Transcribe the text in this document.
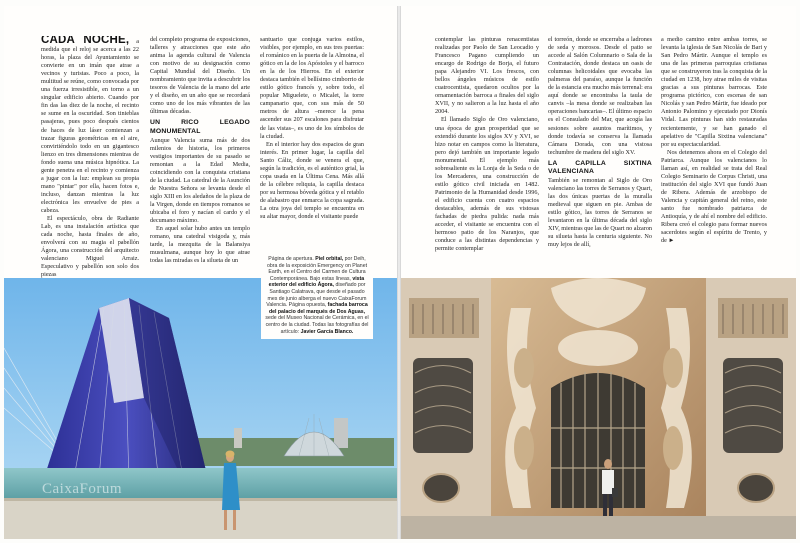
CADA NOCHE, a medida que el reloj se acerca a las 22 horas, la plaza del Ayuntamiento se convierte en un imán que atrae a vecinos y turistas. Poco a poco, la multitud se reúne, como convocada por una fuerza irresistible, en torno a un singular edificio abierto. Cuando por fin das las diez de la noche, el recinto se sume en la oscuridad. Son tinieblas pasajeras, pues poco después cientos de haces de luz láser comienzan a trazar figuras geométricas en el aire, convirtiéndolo todo en un gigantesco lienzo en tres dimensiones mientras de fondo suena una música hipnótica. La gente penetra en el recinto y comienza a jugar con la luz: emplean su propia mano "pintar" por ella, hacen fotos e, incluso, danzan mientras la luz electrónica les envuelve de pies a cabeza.

El espectáculo, obra de Radiante Lab, es una instalación artística que cada noche, hasta finales de año, envolverá con su magia el pabellón Ágora, una construcción del arquitecto valenciano Miguel Arraiz. Especulativo y pabellón son solo dos piezas

del completo programa de exposiciones, talleres y atracciones que este año anima la agenda cultural de Valencia con motivo de su designación como Capital Mundial del Diseño. Un nombramiento que invita a descubrir los tesoros de Valencia de la mano del arte y el diseño, en un año que se recordará como uno de los más vibrantes de las últimas décadas.

UN RICO LEGADO MONUMENTAL

Aunque Valencia suma más de dos milenios de historia, los primeros vestigios importantes de su pasado se remontan a la Edad Media, coincidiendo con la conquista cristiana de la ciudad. La catedral de la Asunción de Nuestra Señora se levanta desde el siglo XIII en los aledaños de la plaza de la Virgen, donde en tiempos romanos se ubicaba el foro y nacían el cardo y el decumano máximo.

En aquel solar hubo antes un templo romano, una catedral visigoda y, más tarde, la mezquita de la Balansiya musulmana, aunque hoy lo que atrae todas las miradas es la silueta de un

santuario que conjuga varios estilos, visibles, por ejemplo, en sus tres puertas: el románico en la puerta de la Almoina, el gótico en la de los Apóstoles y el barroco en la de los Hierros. En el exterior destaca también el bellísimo cimborrio de estilo gótico francés y, sobre todo, el popular Miguelete, o Micalet, la torre campanario que, con sus más de 50 metros de altura –merece la pena ascender sus 207 escalones para disfrutar de las vistas–, es uno de los símbolos de la ciudad.

En el interior hay dos espacios de gran interés. En primer lugar, la capilla del Santo Cáliz, donde se venera el que, según la tradición, es el auténtico grial, la copa usada en la Última Cena. Más allá de la célebre reliquia, la capilla destaca por su hermosa bóveda gótica y el retablo de alabastro que enmarca la copa sagrada. La otra joya del templo se encuentra en su altar mayor, donde el visitante puede

CaixaForum
Página de apertura. Piel orbital, por Deih, obra de la exposición Emergency on Planet Earth, en el Centro del Carmen de Cultura Contemporánea. Bajo estas líneas, vista exterior del edificio Ágora, diseñado por Santiago Calatrava, que desde el pasado mes de junio alberga el nuevo CaixaForum Valencia. Página opuesta, fachada barroca del palacio del marqués de Dos Aguas, sede del Museo Nacional de Cerámica, en el centro de la ciudad. Todas las fotografías del artículo: Javier García Blanco.

contemplar las pinturas renacentistas realizadas por Paolo de San Leocadio y Francesco Pagano cumpliendo un encargo de Rodrigo de Borja, el futuro papa Alejandro VI. Los frescos, con bellos ángeles músicos de estilo cuatrocentista, quedaron ocultos por la ornamentación barroca a finales del siglo XVII, y no salieron a la luz hasta el año 2004.

El llamado Siglo de Oro valenciano, una época de gran prosperidad que se extendió durante los siglos XV y XVI, se hizo notar en campos como la literatura, pero dejó también un importante legado monumental. El ejemplo más sobresaliente es la Lonja de la Seda o de los Mercaderes, una construcción de estilo gótico civil iniciada en 1482. Patrimonio de la Humanidad desde 1996, el edificio cuenta con cuatro espacios destacables, además de sus vistosas fachadas de piedra pulida: nada más acceder, el visitante se encuentra con el hermoso patio de los Naranjos, que conduce a las distintas dependencias y permite contemplar

el torreón, donde se encerraba a ladrones de seda y morosos. Desde el patio se accede al Salón Columnario o Sala de la Contratación, donde destaca un oasis de columnas helicoidales que evocaba las palmeras del paraíso, aunque la función de la estancia era mucho más terrenal: era aquí donde se encontraba la taula de canvis –la mesa donde se realizaban las operaciones bancarias–. El último espacio es el Consulado del Mar, que acogía las sesiones sobre asuntos marítimos, y donde todavía se conserva la llamada Cámara Dorada, con una vistosa techumbre de madera del siglo XV.

LA CAPILLA SIXTINA VALENCIANA

También se remontan al Siglo de Oro valenciano las torres de Serranos y Quart, las dos únicas puertas de la muralla medieval que siguen en pie. Ambas de estilo gótico, las torres de Serranos se levantaron en la última década del siglo XIV, mientras que las de Quart no alzaron su silueta hasta la centuria siguiente. No muy lejos de allí,

a medio camino entre ambas torres, se levanta la iglesia de San Nicolás de Bari y San Pedro Mártir. Aunque el templo es una de las primeras parroquias cristianas que se construyeron tras la conquista de la ciudad en 1238, hoy atrae miles de visitas gracias a sus pinturas barrocas. Este programa pictórico, con escenas de san Nicolás y san Pedro Mártir, fue ideado por Antonio Palomino y ejecutado por Dionís Vidal. Las pinturas han sido restauradas recientemente, y se han ganado el apelativo de "Capilla Sixtina valenciana" por su espectacularidad.

Nos detenemos ahora en el Colegio del Patriarca. Aunque los valencianos lo llaman así, en realidad se trata del Real Colegio Seminario de Corpus Christi, una institución del siglo XVI que fundó Juan de Ribera. Además de arzobispo de Valencia y capitán general del reino, este santo fue nombrado patriarca de Antioquía, y de ahí el nombre del edificio. Ribera creó el colegio para formar nuevos sacerdotes según el espíritu de Trento, y de ►
